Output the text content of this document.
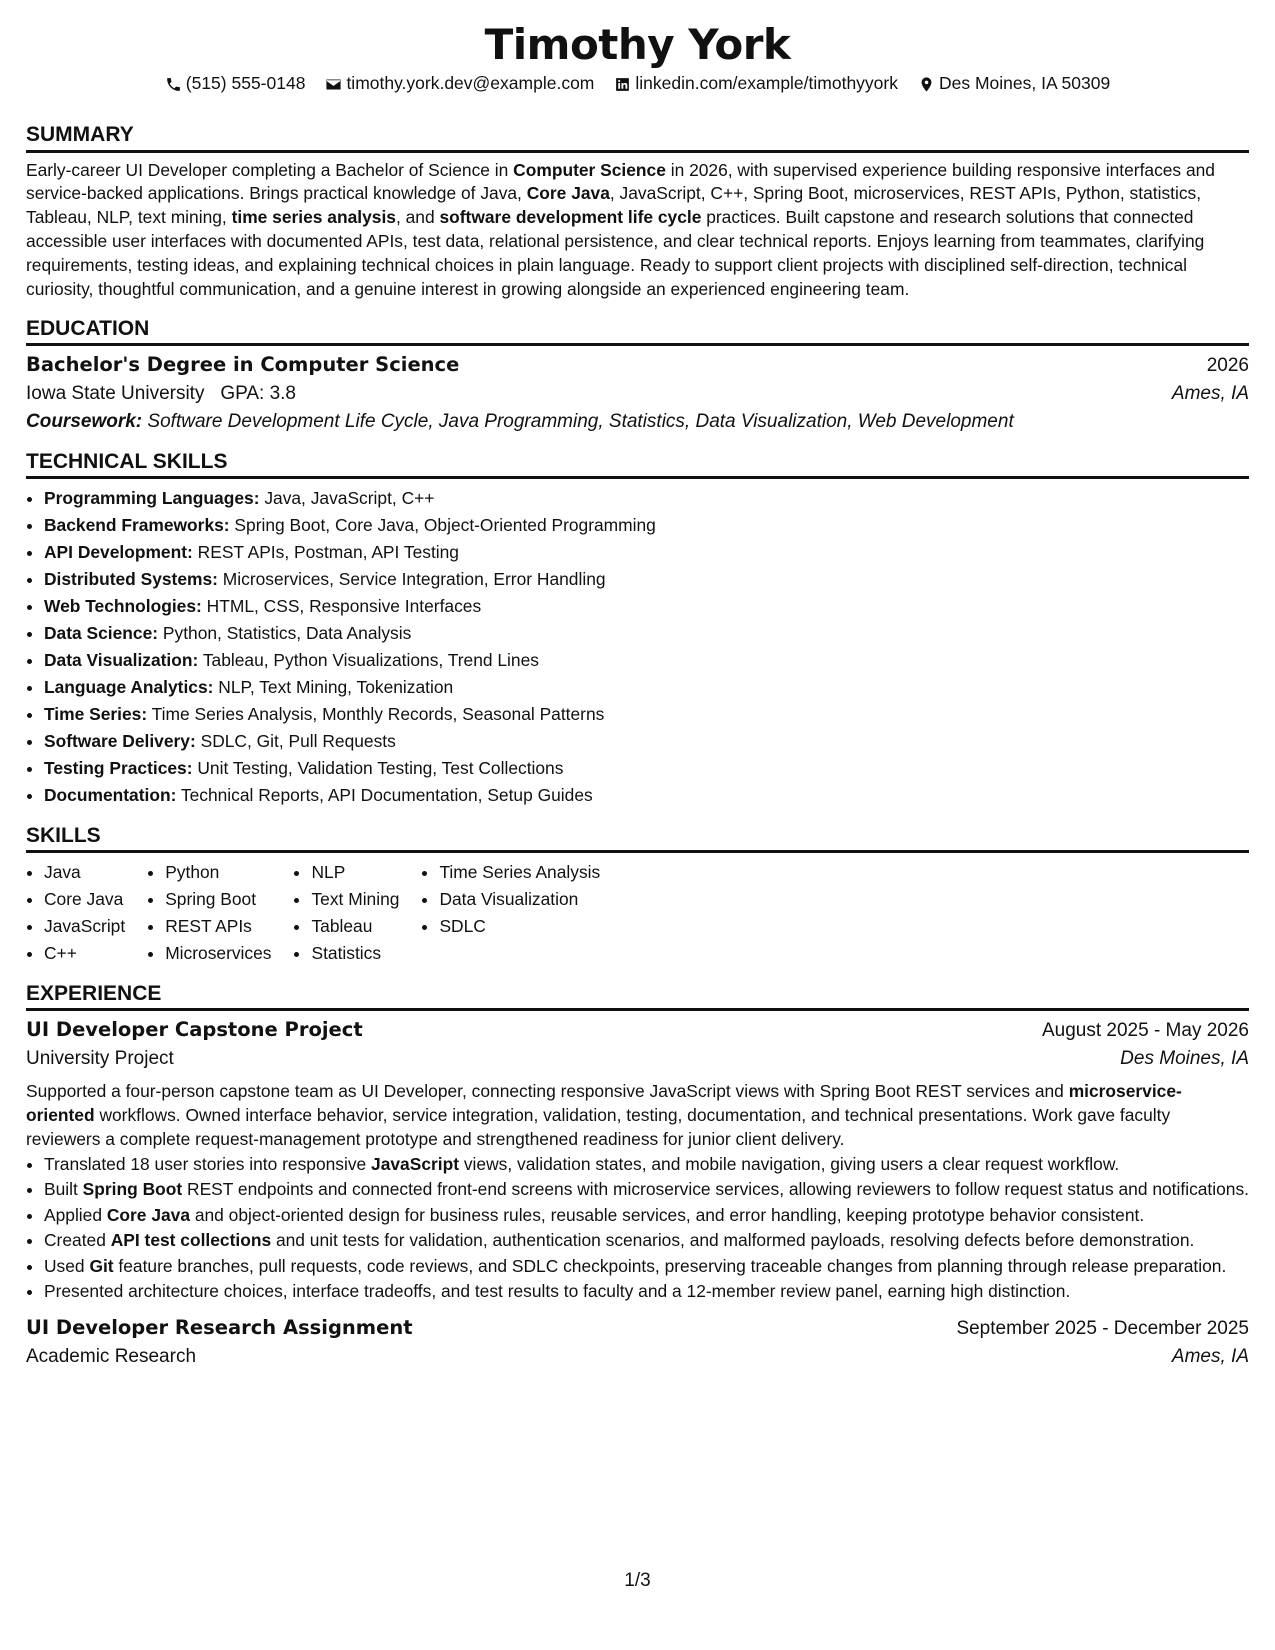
Timothy York
(515) 555-0148 timothy.york.dev@example.com linkedin.com/example/timothyyork Des Moines, IA 50309
SUMMARY

Early-career UI Developer completing a Bachelor of Science in Computer Science in 2026, with supervised experience building responsive interfaces and service-backed applications. Brings practical knowledge of Java, Core Java, JavaScript, C++, Spring Boot, microservices, REST APIs, Python, statistics, Tableau, NLP, text mining, time series analysis, and software development life cycle practices. Built capstone and research solutions that connected accessible user interfaces with documented APIs, test data, relational persistence, and clear technical reports. Enjoys learning from teammates, clarifying requirements, testing ideas, and explaining technical choices in plain language. Ready to support client projects with disciplined self-direction, technical curiosity, thoughtful communication, and a genuine interest in growing alongside an experienced engineering team.

EDUCATION
Bachelor's Degree in Computer Science	2026
Iowa State University GPA: 3.8	Ames, IA
Coursework: Software Development Life Cycle, Java Programming, Statistics, Data Visualization, Web Development
TECHNICAL SKILLS
• Programming Languages: Java, JavaScript, C++
• Backend Frameworks: Spring Boot, Core Java, Object-Oriented Programming
• API Development: REST APIs, Postman, API Testing
• Distributed Systems: Microservices, Service Integration, Error Handling
• Web Technologies: HTML, CSS, Responsive Interfaces
• Data Science: Python, Statistics, Data Analysis
• Data Visualization: Tableau, Python Visualizations, Trend Lines
• Language Analytics: NLP, Text Mining, Tokenization
• Time Series: Time Series Analysis, Monthly Records, Seasonal Patterns
• Software Delivery: SDLC, Git, Pull Requests
• Testing Practices: Unit Testing, Validation Testing, Test Collections
• Documentation: Technical Reports, API Documentation, Setup Guides
SKILLS
• Java
• Core Java
• JavaScript
• C++
• Python
• Spring Boot
• REST APIs
• Microservices
• NLP
• Text Mining
• Tableau
• Statistics
• Time Series Analysis
• Data Visualization
• SDLC
EXPERIENCE
UI Developer Capstone Project	August 2025 - May 2026
University Project	Des Moines, IA

Supported a four-person capstone team as UI Developer, connecting responsive JavaScript views with Spring Boot REST services and microservice-oriented workflows. Owned interface behavior, service integration, validation, testing, documentation, and technical presentations. Work gave faculty reviewers a complete request-management prototype and strengthened readiness for junior client delivery.

• Translated 18 user stories into responsive JavaScript views, validation states, and mobile navigation, giving users a clear request workflow.
• Built Spring Boot REST endpoints and connected front-end screens with microservice services, allowing reviewers to follow request status and notifications.
• Applied Core Java and object-oriented design for business rules, reusable services, and error handling, keeping prototype behavior consistent.
• Created API test collections and unit tests for validation, authentication scenarios, and malformed payloads, resolving defects before demonstration.
• Used Git feature branches, pull requests, code reviews, and SDLC checkpoints, preserving traceable changes from planning through release preparation.
• Presented architecture choices, interface tradeoffs, and test results to faculty and a 12-member review panel, earning high distinction.
UI Developer Research Assignment	September 2025 - December 2025
Academic Research	Ames, IA
1/3
